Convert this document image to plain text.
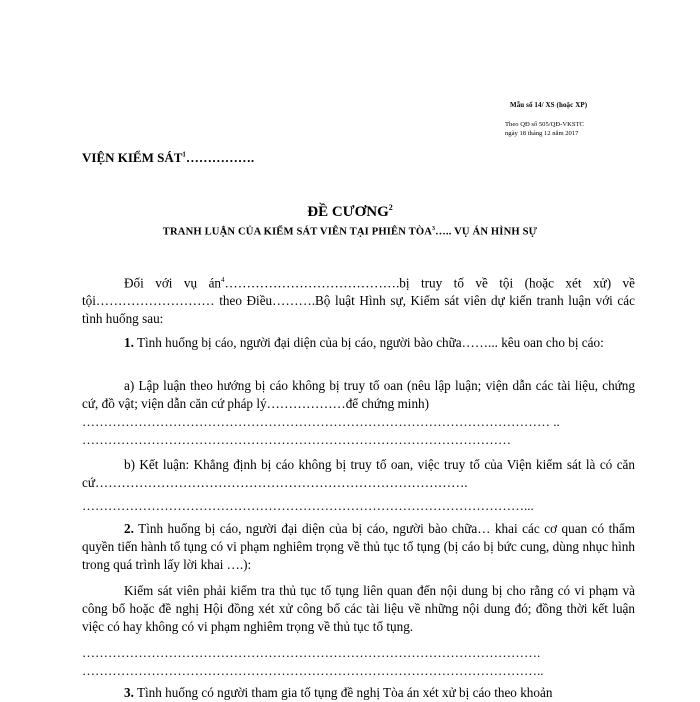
Mẫu số 14/ XS (hoặc XP)
Theo QĐ số 505/QĐ-VKSTC
ngày 18 tháng 12 năm 2017
VIỆN KIỂM SÁT$^1$…………….
ĐỀ CƯƠNG$^2$
TRANH LUẬN CỦA KIỂM SÁT VIÊN TẠI PHIÊN TÒA$^3$….. VỤ ÁN HÌNH SỰ
Đối với vụ $án^4\dots\dots\dots\dots\dots\dots\dots\dots\dots\dots\dots\dots\dots.bị$ truy tố về tội (hoặc xét xử) về tội……………………… theo Điều……….Bộ luật Hình sự, Kiểm sát viên dự kiến tranh luận với các tình huống sau:
1. Tình huống bị cáo, người đại diện của bị cáo, người bào chữa……... kêu oan cho bị cáo:
a) Lập luận theo hướng bị cáo không bị truy tố oan (nêu lập luận; viện dẫn các tài liệu, chứng cứ, đồ vật; viện dẫn căn cứ pháp lý………………để chứng minh)
……………………………………………………………………………………………… ..
………………………………………………………………………………………
b) Kết luận: Khẳng định bị cáo không bị truy tố oan, việc truy tố của Viện kiểm sát là có căn cứ………………………………………………………………………….
…………………………………………………………………………………………...
2. Tình huống bị cáo, người đại diện của bị cáo, người bào chữa… khai các cơ quan có thẩm quyền tiến hành tố tụng có vi phạm nghiêm trọng về thủ tục tố tụng (bị cáo bị bức cung, dùng nhục hình trong quá trình lấy lời khai ….):
Kiểm sát viên phải kiểm tra thủ tục tố tụng liên quan đến nội dung bị cho rằng có vi phạm và công bố hoặc đề nghị Hội đồng xét xử công bố các tài liệu về những nội dung đó; đồng thời kết luận việc có hay không có vi phạm nghiêm trọng về thủ tục tố tụng.
…………………………………………………………………………………………….
……………………………………………………………………………………………..
3. Tình huống có người tham gia tố tụng đề nghị Tòa án xét xử bị cáo theo khoản
